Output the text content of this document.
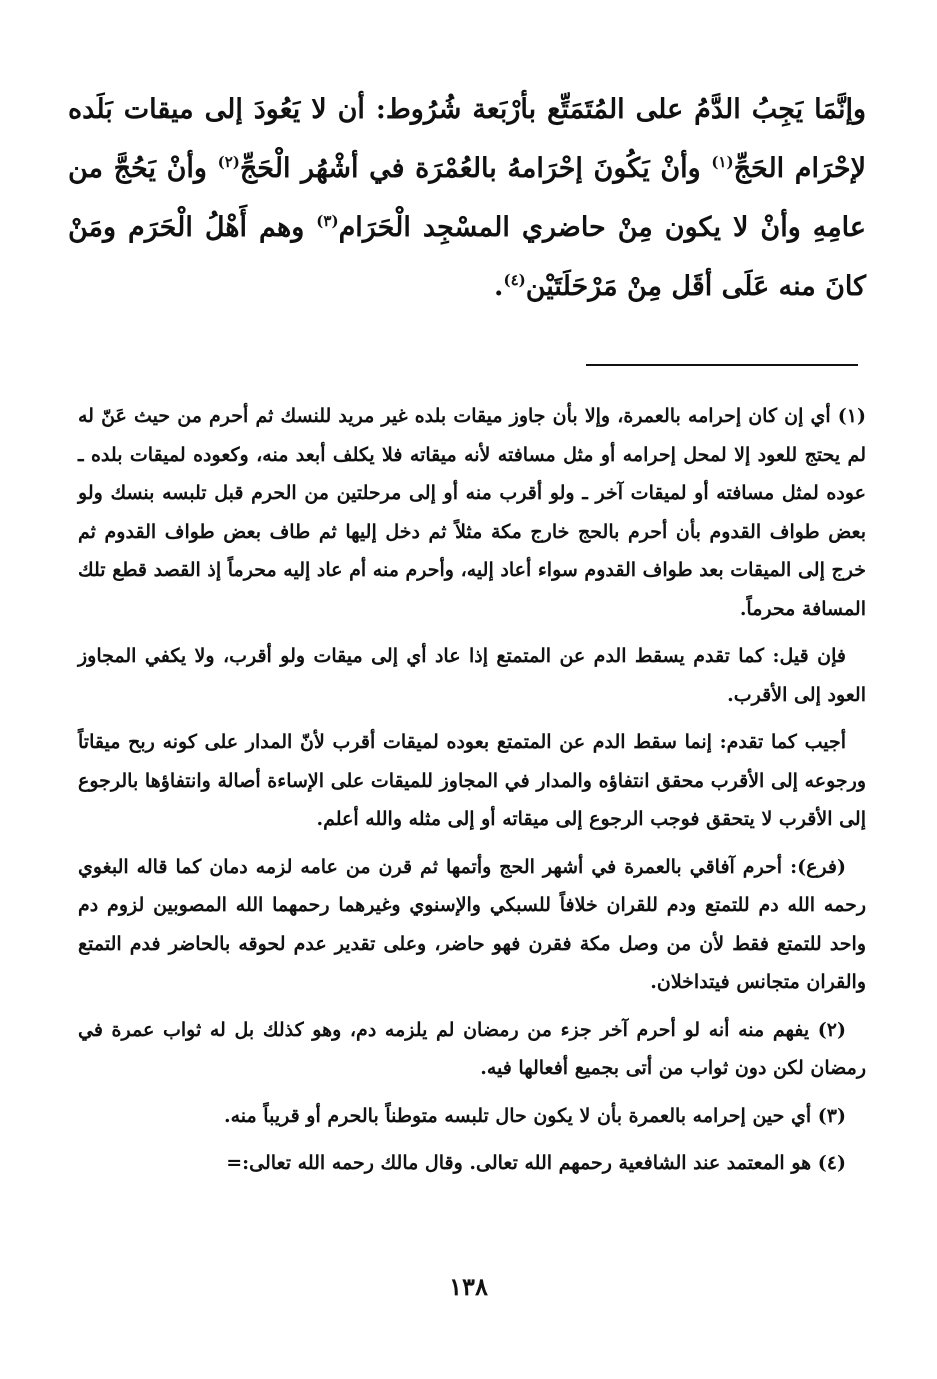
وإنَّمَا يَجِبُ الدَّمُ على المُتَمَتِّع بأرْبَعة شُرُوط: أن لا يَعُودَ إلى ميقات بَلَده لإحْرَام الحَجِّ$^{(١)}$ وأنْ يَكُونَ إحْرَامهُ بالعُمْرَة في أشْهُر الْحَجِّ$^{(٢)}$ وأنْ يَحُجَّ من عامِهِ وأنْ لا يكون مِنْ حاضري المسْجِد الْحَرَام$^{(٣)}$ وهم أَهْلُ الْحَرَم ومَنْ كانَ منه عَلَى أقَل مِنْ مَرْحَلَتَيْن$^{(٤)}$.

(١) أي إن كان إحرامه بالعمرة، وإلا بأن جاوز ميقات بلده غير مريد للنسك ثم أحرم من حيث عَنّ له لم يحتج للعود إلا لمحل إحرامه أو مثل مسافته لأنه ميقاته فلا يكلف أبعد منه، وكعوده لميقات بلده ـ عوده لمثل مسافته أو لميقات آخر ـ ولو أقرب منه أو إلى مرحلتين من الحرم قبل تلبسه بنسك ولو بعض طواف القدوم بأن أحرم بالحج خارج مكة مثلاً ثم دخل إليها ثم طاف بعض طواف القدوم ثم خرج إلى الميقات بعد طواف القدوم سواء أعاد إليه، وأحرم منه أم عاد إليه محرماً إذ القصد قطع تلك المسافة محرماً.

فإن قيل: كما تقدم يسقط الدم عن المتمتع إذا عاد أي إلى ميقات ولو أقرب، ولا يكفي المجاوز العود إلى الأقرب.

أجيب كما تقدم: إنما سقط الدم عن المتمتع بعوده لميقات أقرب لأنّ المدار على كونه ربح ميقاتاً ورجوعه إلى الأقرب محقق انتفاؤه والمدار في المجاوز للميقات على الإساءة أصالة وانتفاؤها بالرجوع إلى الأقرب لا يتحقق فوجب الرجوع إلى ميقاته أو إلى مثله والله أعلم.

(فرع): أحرم آفاقي بالعمرة في أشهر الحج وأتمها ثم قرن من عامه لزمه دمان كما قاله البغوي رحمه الله دم للتمتع ودم للقران خلافاً للسبكي والإسنوي وغيرهما رحمهما الله المصوبين لزوم دم واحد للتمتع فقط لأن من وصل مكة فقرن فهو حاضر، وعلى تقدير عدم لحوقه بالحاضر فدم التمتع والقران متجانس فيتداخلان.

(٢) يفهم منه أنه لو أحرم آخر جزء من رمضان لم يلزمه دم، وهو كذلك بل له ثواب عمرة في رمضان لكن دون ثواب من أتى بجميع أفعالها فيه.

(٣) أي حين إحرامه بالعمرة بأن لا يكون حال تلبسه متوطناً بالحرم أو قريباً منه.

(٤) هو المعتمد عند الشافعية رحمهم الله تعالى. وقال مالك رحمه الله تعالى:=

١٣٨
